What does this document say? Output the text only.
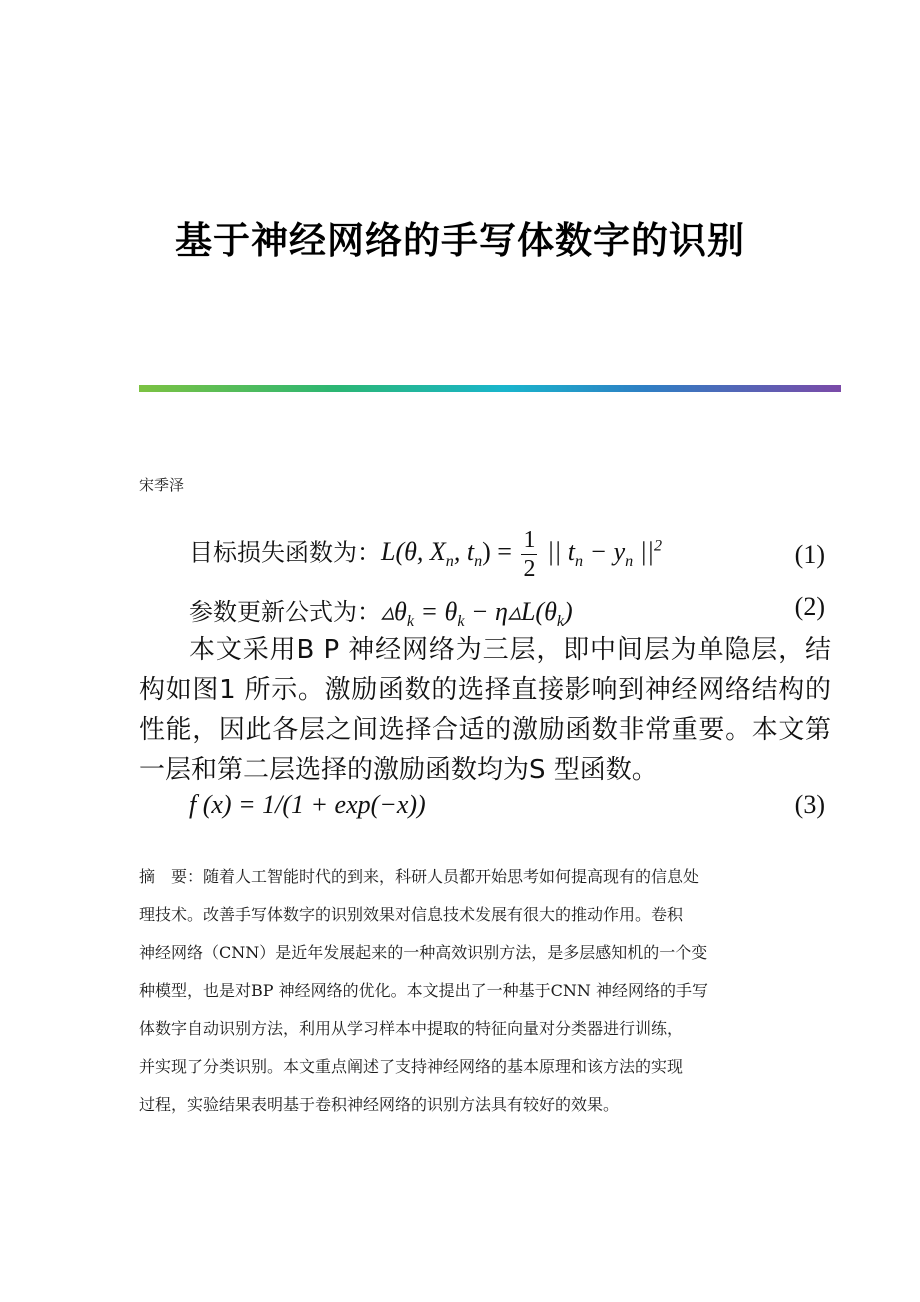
基于神经网络的手写体数字的识别
宋季泽
目标损失函数为：L(θ, $X_n$, $t_n) = \frac{1}{2}$ || $t_n - y_n$ $||^2$	(1)
参数更新公式为：$▵\theta_k = \theta_k$ − $\eta▵L(\theta_k)$	(2)
本文采用B P 神经网络为三层，即中间层为单隐层，结构如图1 所示。激励函数的选择直接影响到神经网络结构的性能，因此各层之间选择合适的激励函数非常重要。本文第一层和第二层选择的激励函数均为S 型函数。
f (x) = 1/(1 + exp(−x))	(3)
摘　要：随着人工智能时代的到来，科研人员都开始思考如何提高现有的信息处
理技术。改善手写体数字的识别效果对信息技术发展有很大的推动作用。卷积
神经网络（CNN）是近年发展起来的一种高效识别方法，是多层感知机的一个变
种模型，也是对BP 神经网络的优化。本文提出了一种基于CNN 神经网络的手写
体数字自动识别方法，利用从学习样本中提取的特征向量对分类器进行训练，
并实现了分类识别。本文重点阐述了支持神经网络的基本原理和该方法的实现
过程，实验结果表明基于卷积神经网络的识别方法具有较好的效果。
